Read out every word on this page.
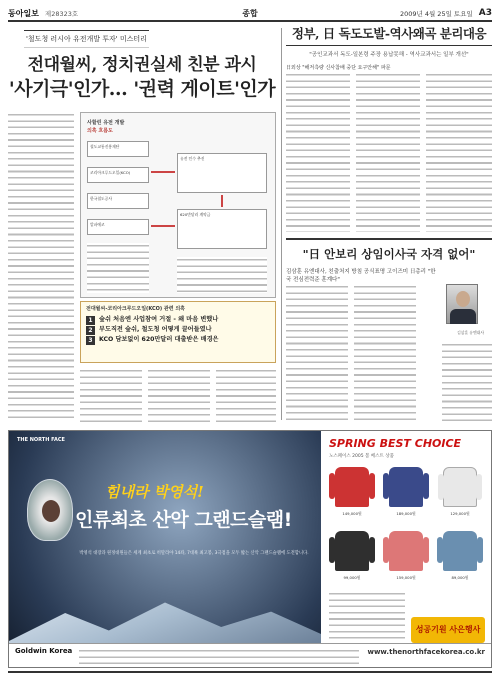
동아일보 제28323호	종합	2009년 4월 25일 토요일 A3
'철도청 러시아 유전개발 투자' 미스터리
전대월씨, 정치권실세 친분 과시
'사기극'인가… '권력 게이트'인가
사할린 유전 개발
의혹 흐름도
철도교통진흥재단
코리아크루드오일(KCO)
한국철도공사
알파에코
유전 인수 추진
620만달러 계약금
전대월씨-코리아크루드오일(KCO) 관련 의혹
1	숲쉬 처음엔 사업참여 거절 - 왜 마음 변했나
2	부도직전 숲쉬, 철도청 어떻게 끌어들였나
3	KCO 담보없이 620만달러 대출받은 배경은
정부, 日 독도도발-역사왜곡 분리대응
"공인교과서 독도-일본령 주장 용납못해 - 역사교과서는 일부 개선"
日외상 "해저측량 신사참배 중단 요구안해" 파문
"日 안보리 상임이사국 자격 없어"
김삼훈 유엔대사, 친출처지 방침 공식표명 고이즈미 日총리 "한국 전심전력준 훈계다"
김삼훈 유엔대사
THE NORTH FACE
힘내라 박영석!
인류최초 산악 그랜드슬램!
박영석 대장과 원정대원들은 세계 최초로 히말라야 14좌, 7대륙 최고봉, 3극점을 모두 밟는 산악 그랜드슬램에 도전합니다.
SPRING BEST CHOICE
노스페이스 2005 봄 베스트 상품
149,000원	189,000원	129,000원
99,000원	159,000원	89,000원
성공기원 사은행사
Goldwin Korea	www.thenorthfacekorea.co.kr
